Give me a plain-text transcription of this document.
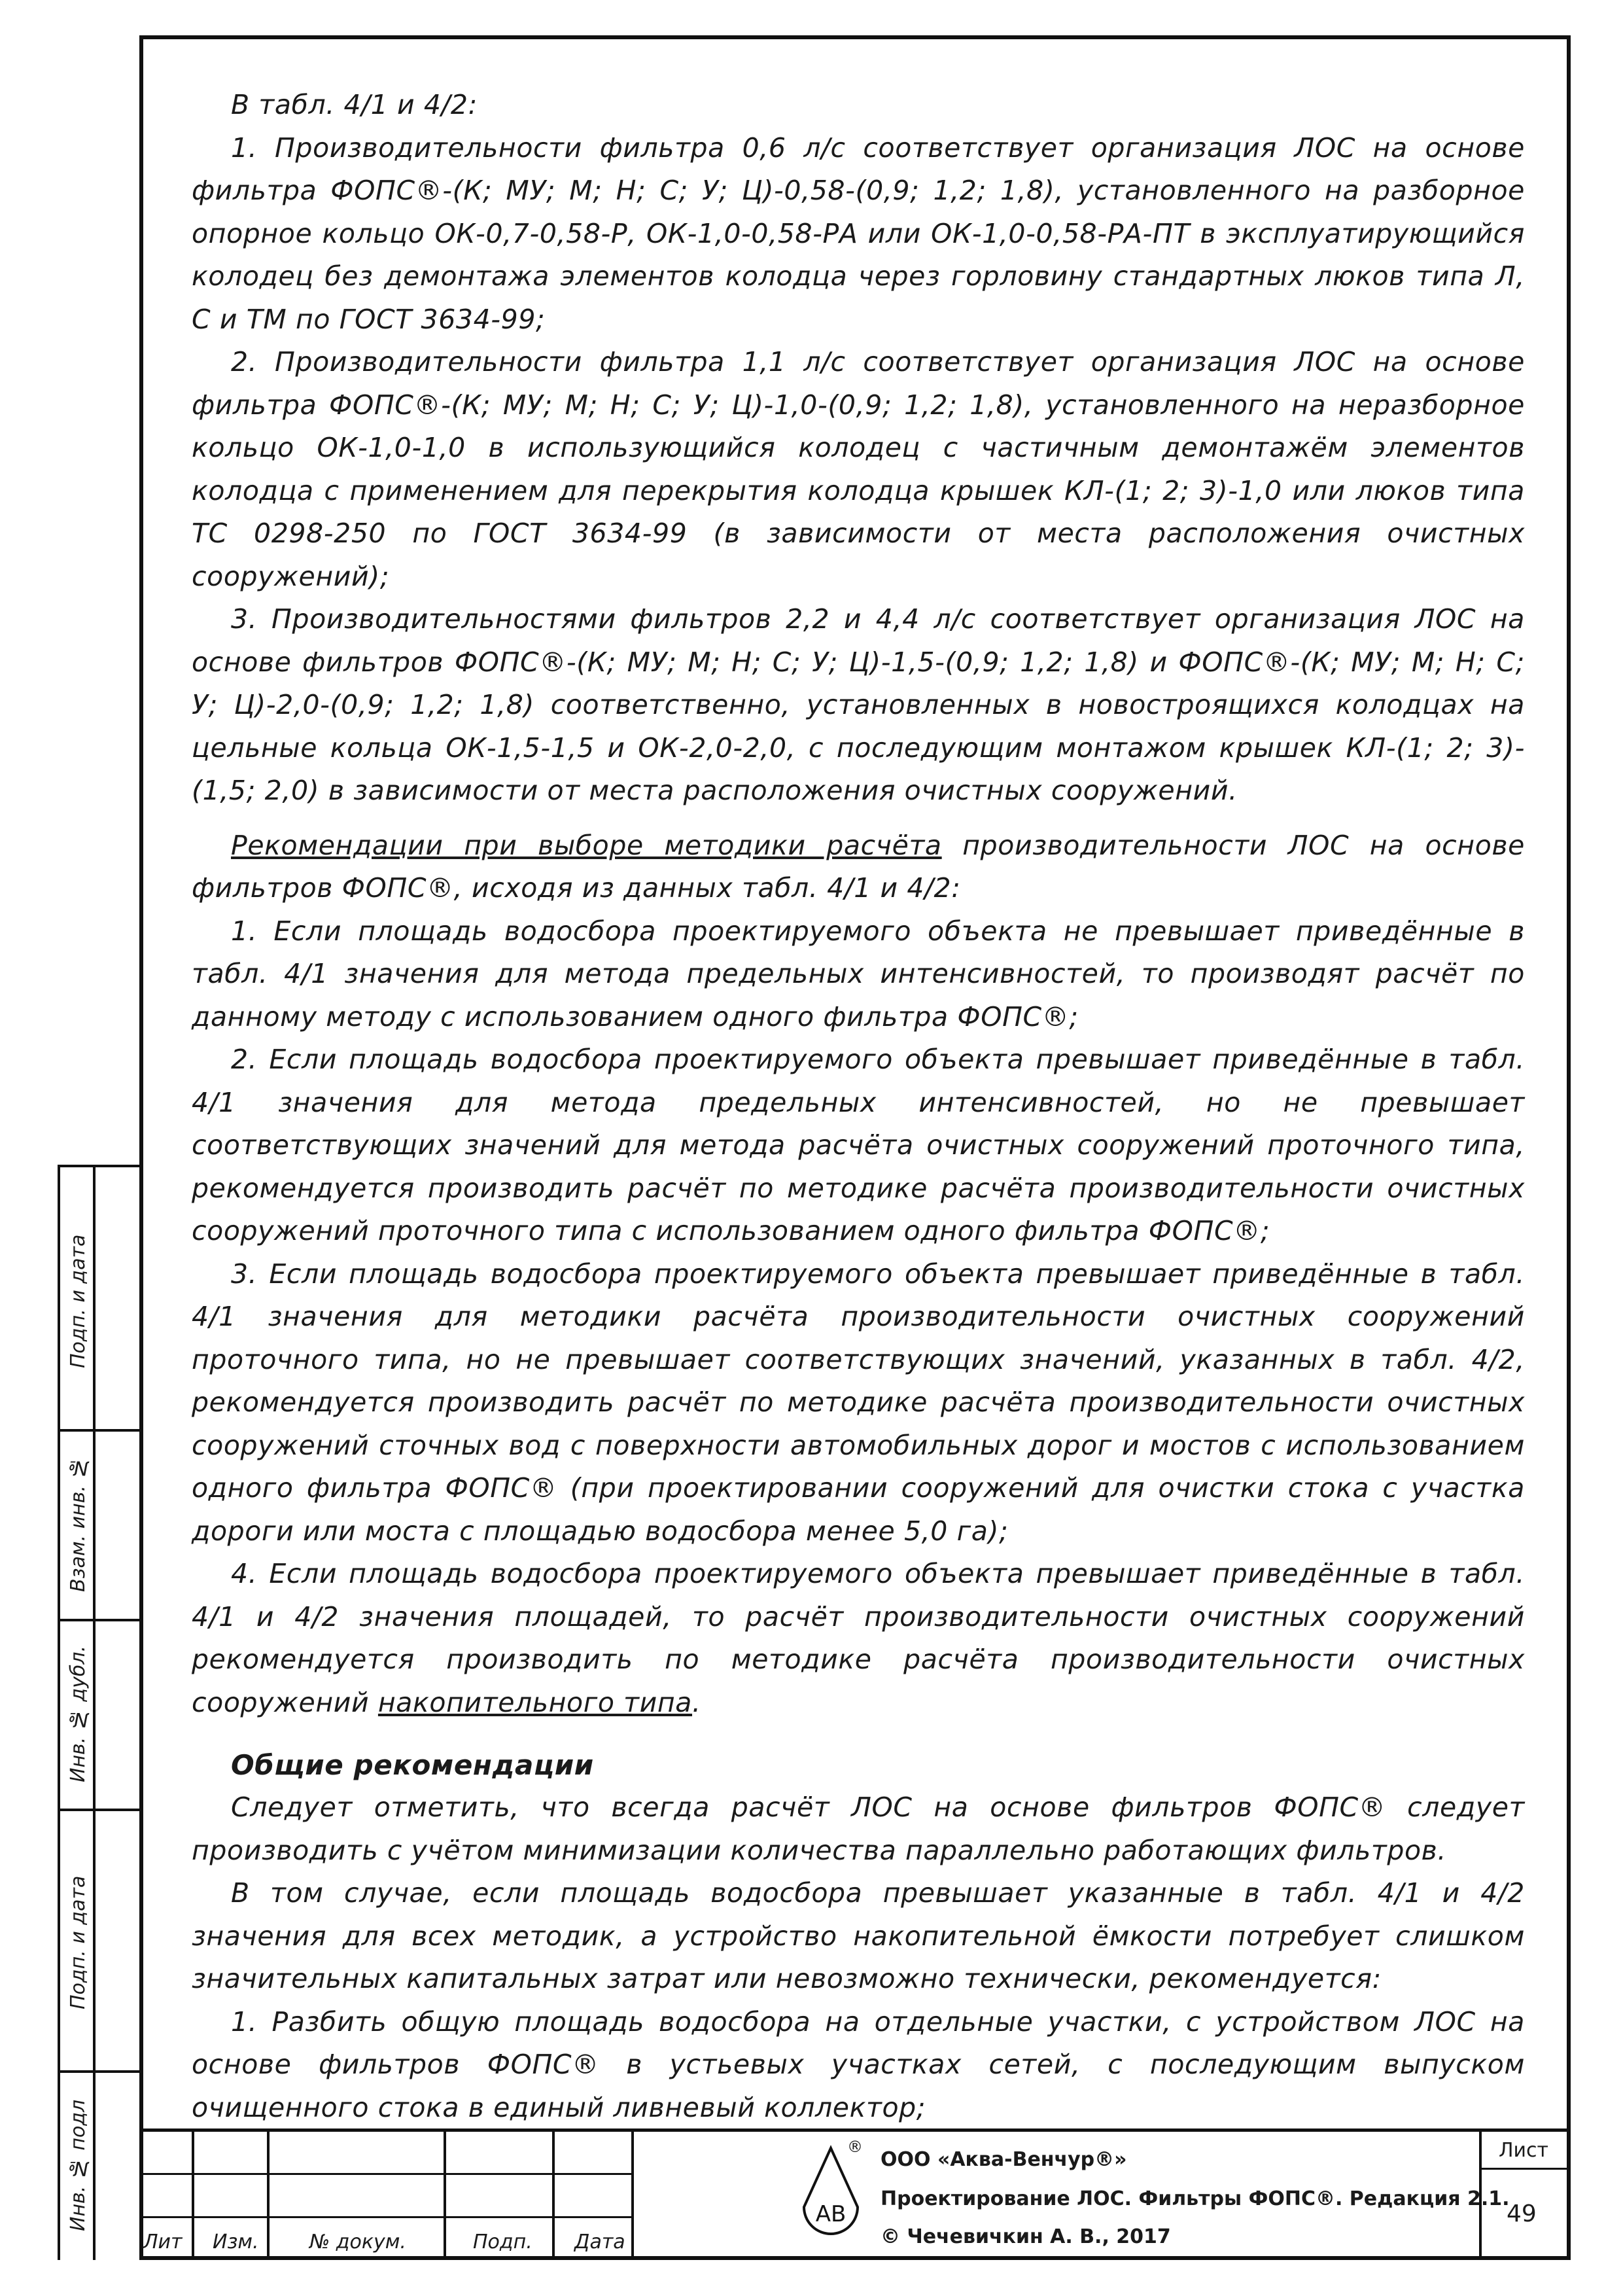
В табл. 4/1 и 4/2:

1. Производительности фильтра 0,6 л/с соответствует организация ЛОС на основе фильтра ФОПС®-(К; МУ; М; Н; С; У; Ц)-0,58-(0,9; 1,2; 1,8), установленного на разборное опорное кольцо ОК-0,7-0,58-Р, ОК-1,0-0,58-РА или ОК-1,0-0,58-РА-ПТ в эксплуатирующийся колодец без демонтажа элементов колодца через горловину стандартных люков типа Л, С и ТМ по ГОСТ 3634-99;

2. Производительности фильтра 1,1 л/с соответствует организация ЛОС на основе фильтра ФОПС®-(К; МУ; М; Н; С; У; Ц)-1,0-(0,9; 1,2; 1,8), установленного на неразборное кольцо ОК-1,0-1,0 в использующийся колодец с частичным демонтажём элементов колодца с применением для перекрытия колодца крышек КЛ-(1; 2; 3)-1,0 или люков типа ТС 0298-250 по ГОСТ 3634-99 (в зависимости от места расположения очистных сооружений);

3. Производительностями фильтров 2,2 и 4,4 л/с соответствует организация ЛОС на основе фильтров ФОПС®-(К; МУ; М; Н; С; У; Ц)-1,5-(0,9; 1,2; 1,8) и ФОПС®-(К; МУ; М; Н; С; У; Ц)-2,0-(0,9; 1,2; 1,8) соответственно, установленных в новостроящихся колодцах на цельные кольца ОК-1,5-1,5 и ОК-2,0-2,0, с последующим монтажом крышек КЛ-(1; 2; 3)-(1,5; 2,0) в зависимости от места расположения очистных сооружений.

Рекомендации при выборе методики расчёта производительности ЛОС на основе фильтров ФОПС®, исходя из данных табл. 4/1 и 4/2:

1. Если площадь водосбора проектируемого объекта не превышает приведённые в табл. 4/1 значения для метода предельных интенсивностей, то производят расчёт по данному методу с использованием одного фильтра ФОПС®;

2. Если площадь водосбора проектируемого объекта превышает приведённые в табл. 4/1 значения для метода предельных интенсивностей, но не превышает соответствующих значений для метода расчёта очистных сооружений проточного типа, рекомендуется производить расчёт по методике расчёта производительности очистных сооружений проточного типа с использованием одного фильтра ФОПС®;

3. Если площадь водосбора проектируемого объекта превышает приведённые в табл. 4/1 значения для методики расчёта производительности очистных сооружений проточного типа, но не превышает соответствующих значений, указанных в табл. 4/2, рекомендуется производить расчёт по методике расчёта производительности очистных сооружений сточных вод с поверхности автомобильных дорог и мостов с использованием одного фильтра ФОПС® (при проектировании сооружений для очистки стока с участка дороги или моста с площадью водосбора менее 5,0 га);

4. Если площадь водосбора проектируемого объекта превышает приведённые в табл. 4/1 и 4/2 значения площадей, то расчёт производительности очистных сооружений рекомендуется производить по методике расчёта производительности очистных сооружений накопительного типа.

Общие рекомендации

Следует отметить, что всегда расчёт ЛОС на основе фильтров ФОПС® следует производить с учётом минимизации количества параллельно работающих фильтров.

В том случае, если площадь водосбора превышает указанные в табл. 4/1 и 4/2 значения для всех методик, а устройство накопительной ёмкости потребует слишком значительных капитальных затрат или невозможно технически, рекомендуется:

1. Разбить общую площадь водосбора на отдельные участки, с устройством ЛОС на основе фильтров ФОПС® в устьевых участках сетей, с последующим выпуском очищенного стока в единый ливневый коллектор;

Подп. и дата
Взам. инв. №
Инв. № дубл.
Подп. и дата
Инв. № подл
Лит Изм.	№ докум.	Подп. Дата
АВ
®
ООО «Аква-Венчур®»
Проектирование ЛОС. Фильтры ФОПС®. Редакция 2.1.
© Чечевичкин А. В., 2017
Лист
49
